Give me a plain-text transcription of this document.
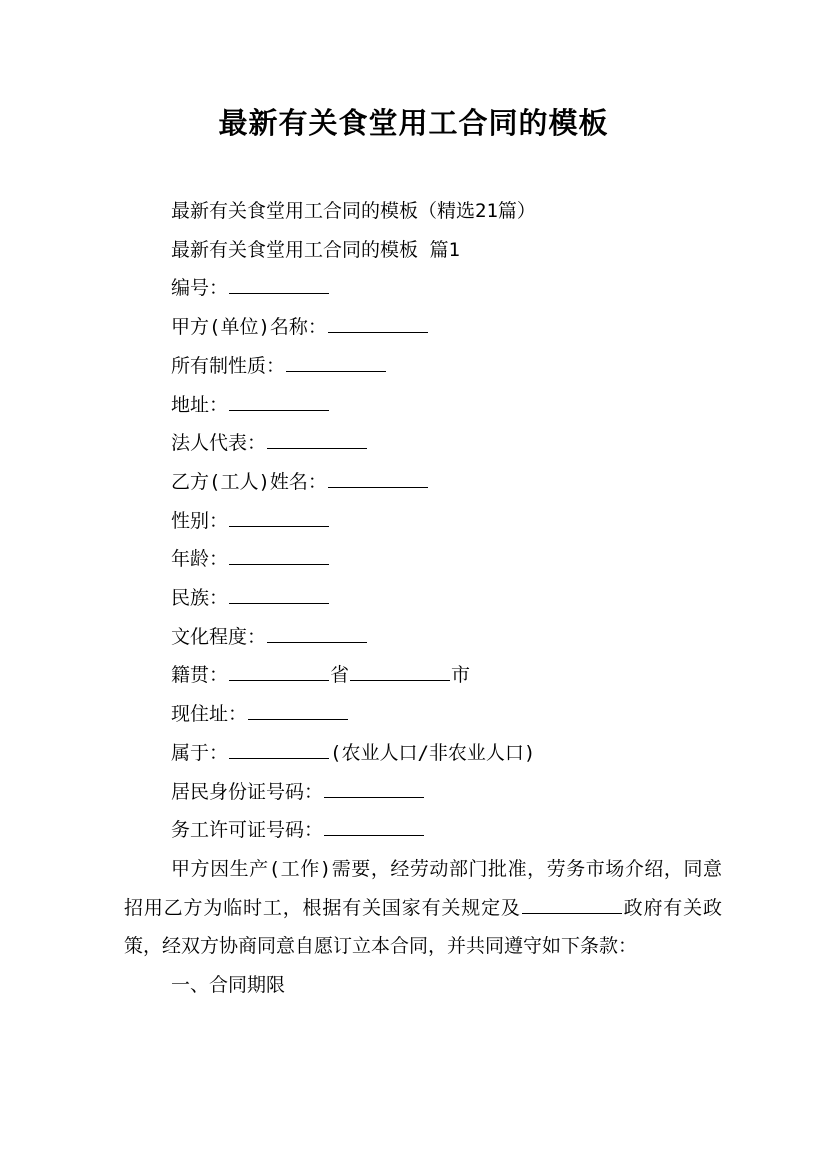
最新有关食堂用工合同的模板

最新有关食堂用工合同的模板（精选21篇）

最新有关食堂用工合同的模板 篇1

编号：

甲方(单位)名称：

所有制性质：

地址：

法人代表：

乙方(工人)姓名：

性别：

年龄：

民族：

文化程度：

籍贯：	省	市

现住址：

属于：	(农业人口/非农业人口)

居民身份证号码：

务工许可证号码：

甲方因生产(工作)需要，经劳动部门批准，劳务市场介绍，同意招用乙方为临时工，根据有关国家有关规定及	政府有关政策，经双方协商同意自愿订立本合同，并共同遵守如下条款：

一、合同期限
